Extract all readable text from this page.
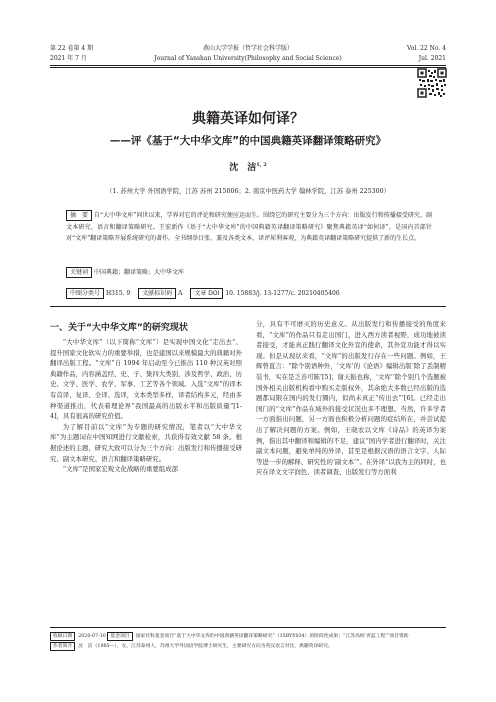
第 22 卷第 4 期
2021 年 7 月
燕山大学学报（哲学社会科学版）
Journal of Yanshan University(Philosophy and Social Science)
Vol. 22 No. 4
Jul. 2021
典籍英译如何译？
——评《基于“大中华文库”的中国典籍英译翻译策略研究》
沈　洁$^{1, 2}$
（1. 苏州大学 外国语学院，江苏 苏州 215006；2. 南京中医药大学 翰林学院，江苏 泰州 225300）
摘　要 自“大中华文库”问世以来，学界对它的评论和研究便应运而生。围绕它的研究主要分为三个方向：出版发行和传播接受研究、副文本研究、语言和翻译策略研究。王宏新作《基于“大中华文库”的中国典籍英译翻译策略研究》聚焦典籍英译“如何译”，是国内首部针对“文库”翻译策略开展系统研究的著作。全书纲举目张、兼及各类文本，译评犀利客观，为典籍英译翻译策略研究提供了新的生长点。
关键词 中国典籍；翻译策略；大中华文库
中图分类号 H315. 9　 文献标识码 A　 文章 DOI 10. 15883/j. 13-1277/c. 20210405406
一、关于“大中华文库”的研究现状

“大中华文库”（以下简称“文库”）是实现中国文化“走出去”、提升国家文化软实力的重要举措，也是建国以来规模最大的典籍对外翻译出版工程。“文库”自 1994 年启动至今已推出 110 种汉英对照典籍作品，内容涵盖经、史、子、集四大类别，涉及哲学、政治、历史、文学、医学、农学、军事、工艺等各个领域。入选“文库”的译本有首译、复译、全译、选译，文本类型多样，译者结构多元，经由多种渠道推出，代表着理论界“我国最高的出版水平和出版质量”[1-4]，具有很高的研究价值。

为了解目前以“文库”为专题的研究情况，笔者以“大中华文库”为主题词在中国知网进行文献检索，共获得有效文献 58 条。根据论述的主题，研究大致可以分为三个方向：出版发行和传播接受研究、副文本研究、语言和翻译策略研究。

“文库”是国家宏观文化战略的重要组成部

分，具有不可磨灭的历史意义。从出版发行和传播接受的角度来看，“文库”的作品只有走出国门，进入西方读者视野，成功地被读者接受，才能真正践行翻译文化外宣的使命，其外宣功能才得以实现。但是从现状来看，“文库”的出版发行存在一些问题。例如，王辉曾直言：“除个别语种外，‘文库’的《论语》编辑出版‘除了丢制精装书，实在是乏善可陈’[5]；谢天振也称，‘文库’‘除个别几个选题被国外相关出版机构看中购买走版权外，其余绝大多数已经出版的选题都局限在国内的发行圈内，似尚未真正“传出去”’[6]。已经走出国门的“文库”作品在域外的接受状况也多不理想。当然，许多学者一方面指出问题，另一方面也积极分析问题的症结所在，并尝试提出了解决问题的方案。例如，王晓农以文库《诗品》的英译为案例，指出其中翻译和编辑的不足，建议“国内学者进行翻译时，关注副文本问题，避免单纯的外译，甚至是根据汉语的语言文字、人际等进一步的解释、研究性的‘副文本’”。在外译“以我为主的同时，也应在译文文字润色、读者调查、出版发行等方面利

收稿日期 2020-07-10 基金项目 国家社科基金项目“基于大中华文库的中国典籍英译翻译策略研究”（15BYY034）的阶段性成果；“江苏高校‘青蓝工程’”项目资助
作者简介 沈　洁（1985—），女，江苏泰州人，苏州大学外国语学院博士研究生，主要研究方向为英汉语言对比、典籍英译研究。
